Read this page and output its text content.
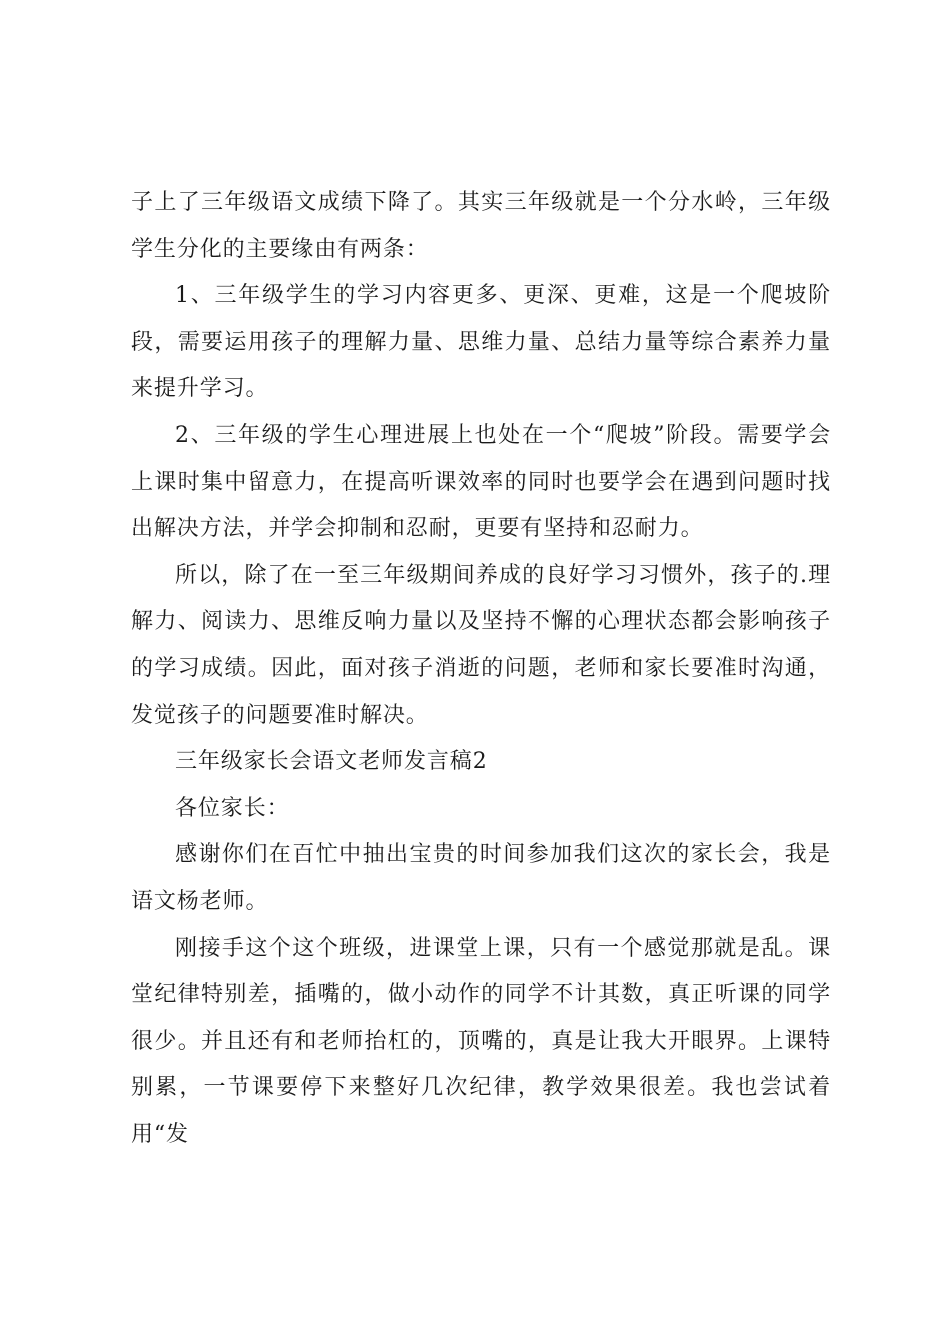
子上了三年级语文成绩下降了。其实三年级就是一个分水岭，三年级学生分化的主要缘由有两条：

1、三年级学生的学习内容更多、更深、更难，这是一个爬坡阶段，需要运用孩子的理解力量、思维力量、总结力量等综合素养力量来提升学习。

2、三年级的学生心理进展上也处在一个“爬坡”阶段。需要学会上课时集中留意力，在提高听课效率的同时也要学会在遇到问题时找出解决方法，并学会抑制和忍耐，更要有坚持和忍耐力。

所以，除了在一至三年级期间养成的良好学习习惯外，孩子的.理解力、阅读力、思维反响力量以及坚持不懈的心理状态都会影响孩子的学习成绩。因此，面对孩子消逝的问题，老师和家长要准时沟通，发觉孩子的问题要准时解决。

三年级家长会语文老师发言稿2

各位家长：

感谢你们在百忙中抽出宝贵的时间参加我们这次的家长会，我是语文杨老师。

刚接手这个这个班级，进课堂上课，只有一个感觉那就是乱。课堂纪律特别差，插嘴的，做小动作的同学不计其数，真正听课的同学很少。并且还有和老师抬杠的，顶嘴的，真是让我大开眼界。上课特别累，一节课要停下来整好几次纪律，教学效果很差。我也尝试着用“发
